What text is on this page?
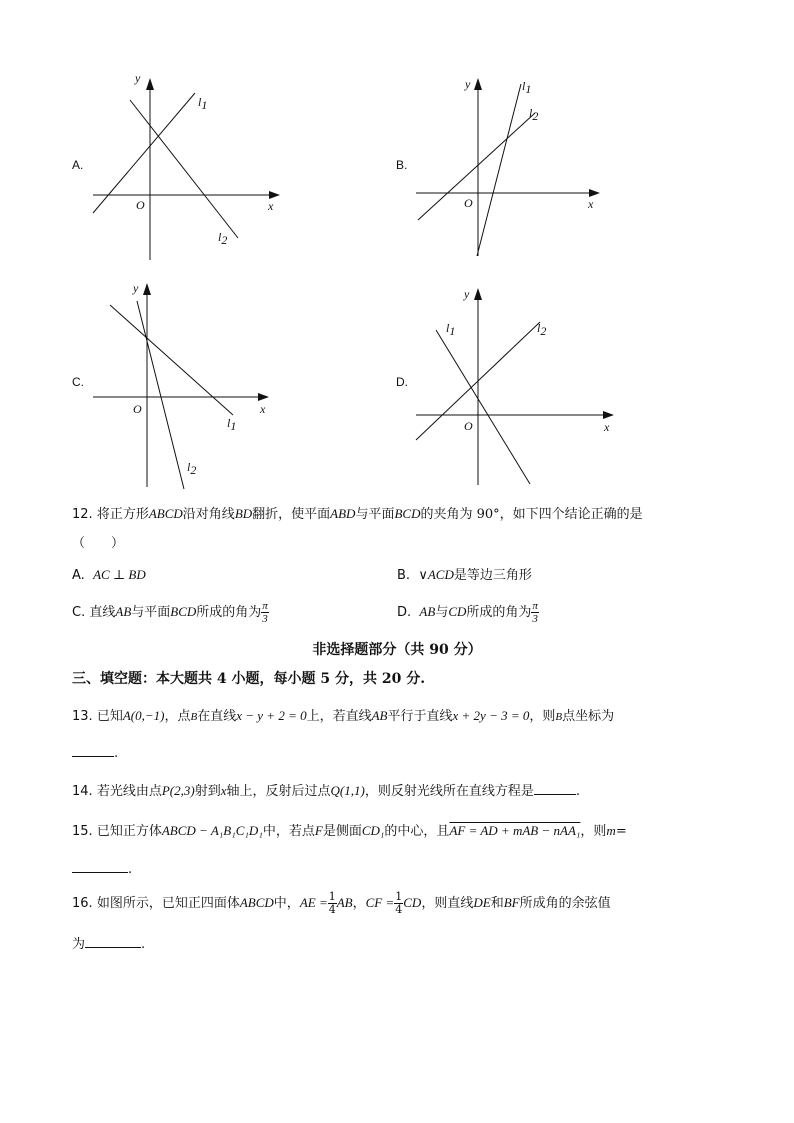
A.
y
x
O
l1
l2
B.
y
x
O
l1
l2
C.
y
x
O
l1
l2
D.
y
x
O
l1	l2
12. 将正方形ABCD沿对角线BD翻折，使平面ABD与平面BCD的夹角为 90°，如下四个结论正确的是
（　　）
A. AC ⊥ BD	B. ∨ACD是等边三角形
C. 直线AB与平面BCD所成的角为 $\frac{\pi}{3}$	D. AB与CD所成的角为 $\frac{\pi}{3}$
非选择题部分（共 90 分）
三、填空题：本大题共 4 小题，每小题 5 分，共 20 分.
13. 已知A(0,−1)，点B在直线x − y + 2 = 0上，若直线AB平行于直线x + 2y − 3 = 0，则B点坐标为
.
14. 若光线由点P(2,3)射到x轴上，反射后过点Q(1,1)，则反射光线所在直线方程是	.
15. 已知正方体ABCD − A₁B₁C₁D₁中，若点F是侧面CD₁的中心，且AF = AD + mAB − nAA₁，则m=
.
16. 如图所示，已知正四面体ABCD中，AE = $\frac{1}{4}$ AB，CF = $\frac{1}{4}$ CD，则直线DE和BF所成角的余弦值
为	.
